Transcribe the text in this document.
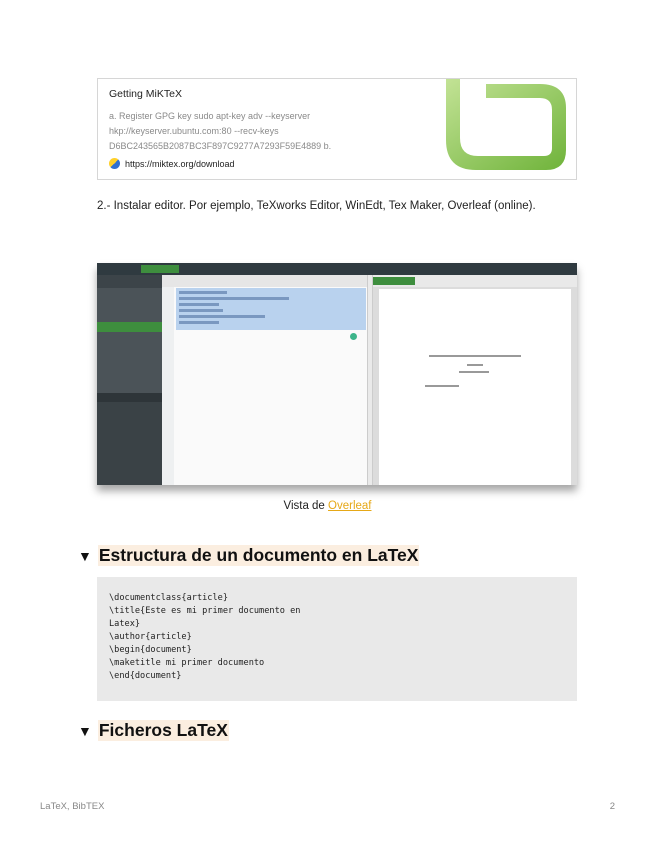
Getting MiKTeX
a. Register GPG key sudo apt-key adv --keyserver
hkp://keyserver.ubuntu.com:80 --recv-keys
D6BC243565B2087BC3F897C9277A7293F59E4889 b.
https://miktex.org/download
2.- Instalar editor. Por ejemplo, TeXworks Editor, WinEdt, Tex Maker, Overleaf (online).
Vista de Overleaf
▼ Estructura de un documento en LaTeX
\documentclass{article}
\title{Este es mi primer documento en
Latex}
\author{article}
\begin{document}
\maketitle mi primer documento
\end{document}
▼ Ficheros LaTeX
LaTeX, BibTEX	2
